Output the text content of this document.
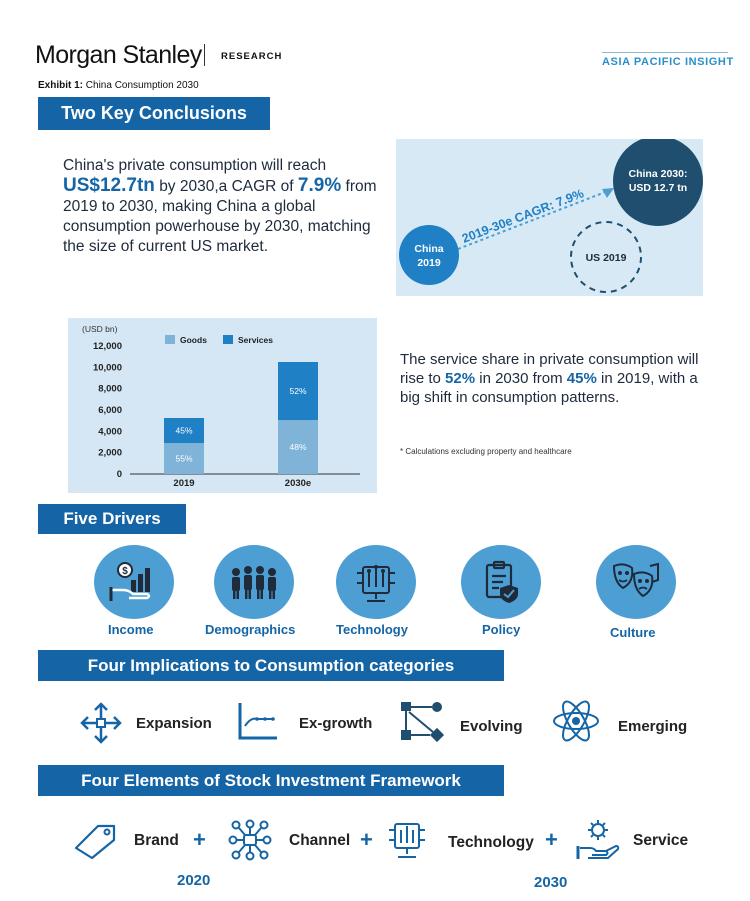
Morgan Stanley RESEARCH	ASIA PACIFIC INSIGHT
Exhibit 1: China Consumption 2030
Two Key Conclusions
China's private consumption will reach US$12.7tn by 2030,a CAGR of 7.9% from 2019 to 2030, making China a global consumption powerhouse by 2030, matching the size of current US market.	China
2019
China 2030:
USD 12.7 tn
US 2019
2019-30e CAGR: 7.9%
(USD bn)
0
2,000
4,000
6,000
8,000
10,000
12,000
55%
45%
48%
52%
Goods	Services
2019	2030e
The service share in private consumption will rise to 52% in 2030 from 45% in 2019, with a big shift in consumption patterns.
* Calculations excluding property and healthcare
Five Drivers
$
Income	Demographics	Technology	Policy	Culture
Four Implications to Consumption categories
Expansion	Ex-growth	Evolving	Emerging
Four Elements of Stock Investment Framework
Brand +	Channel +	Technology +	Service
2020	2030
